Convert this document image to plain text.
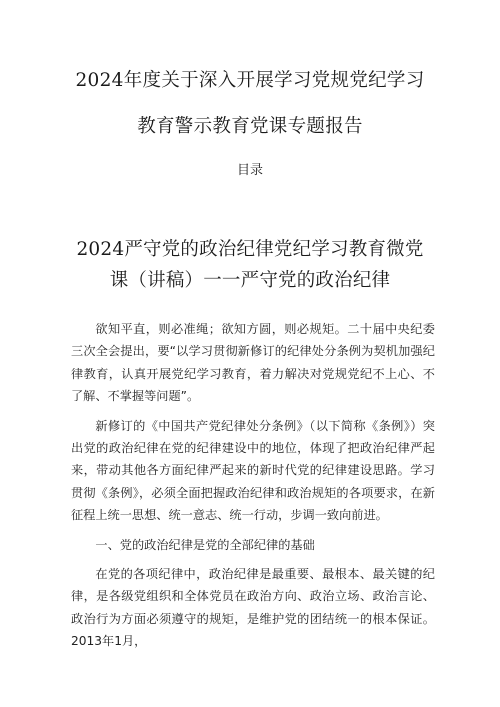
2024年度关于深入开展学习党规党纪学习
教育警示教育党课专题报告
目录
2024严守党的政治纪律党纪学习教育微党
课（讲稿）一一严守党的政治纪律

欲知平直，则必准绳；欲知方圆，则必规矩。二十届中央纪委三次全会提出，要“以学习贯彻新修订的纪律处分条例为契机加强纪律教育，认真开展党纪学习教育，着力解决对党规党纪不上心、不了解、不掌握等问题”。

新修订的《中国共产党纪律处分条例》（以下简称《条例》）突出党的政治纪律在党的纪律建设中的地位，体现了把政治纪律严起来，带动其他各方面纪律严起来的新时代党的纪律建设思路。学习贯彻《条例》，必须全面把握政治纪律和政治规矩的各项要求，在新征程上统一思想、统一意志、统一行动，步调一致向前进。

一、党的政治纪律是党的全部纪律的基础

在党的各项纪律中，政治纪律是最重要、最根本、最关键的纪律，是各级党组织和全体党员在政治方向、政治立场、政治言论、政治行为方面必须遵守的规矩，是维护党的团结统一的根本保证。2013年1月，
